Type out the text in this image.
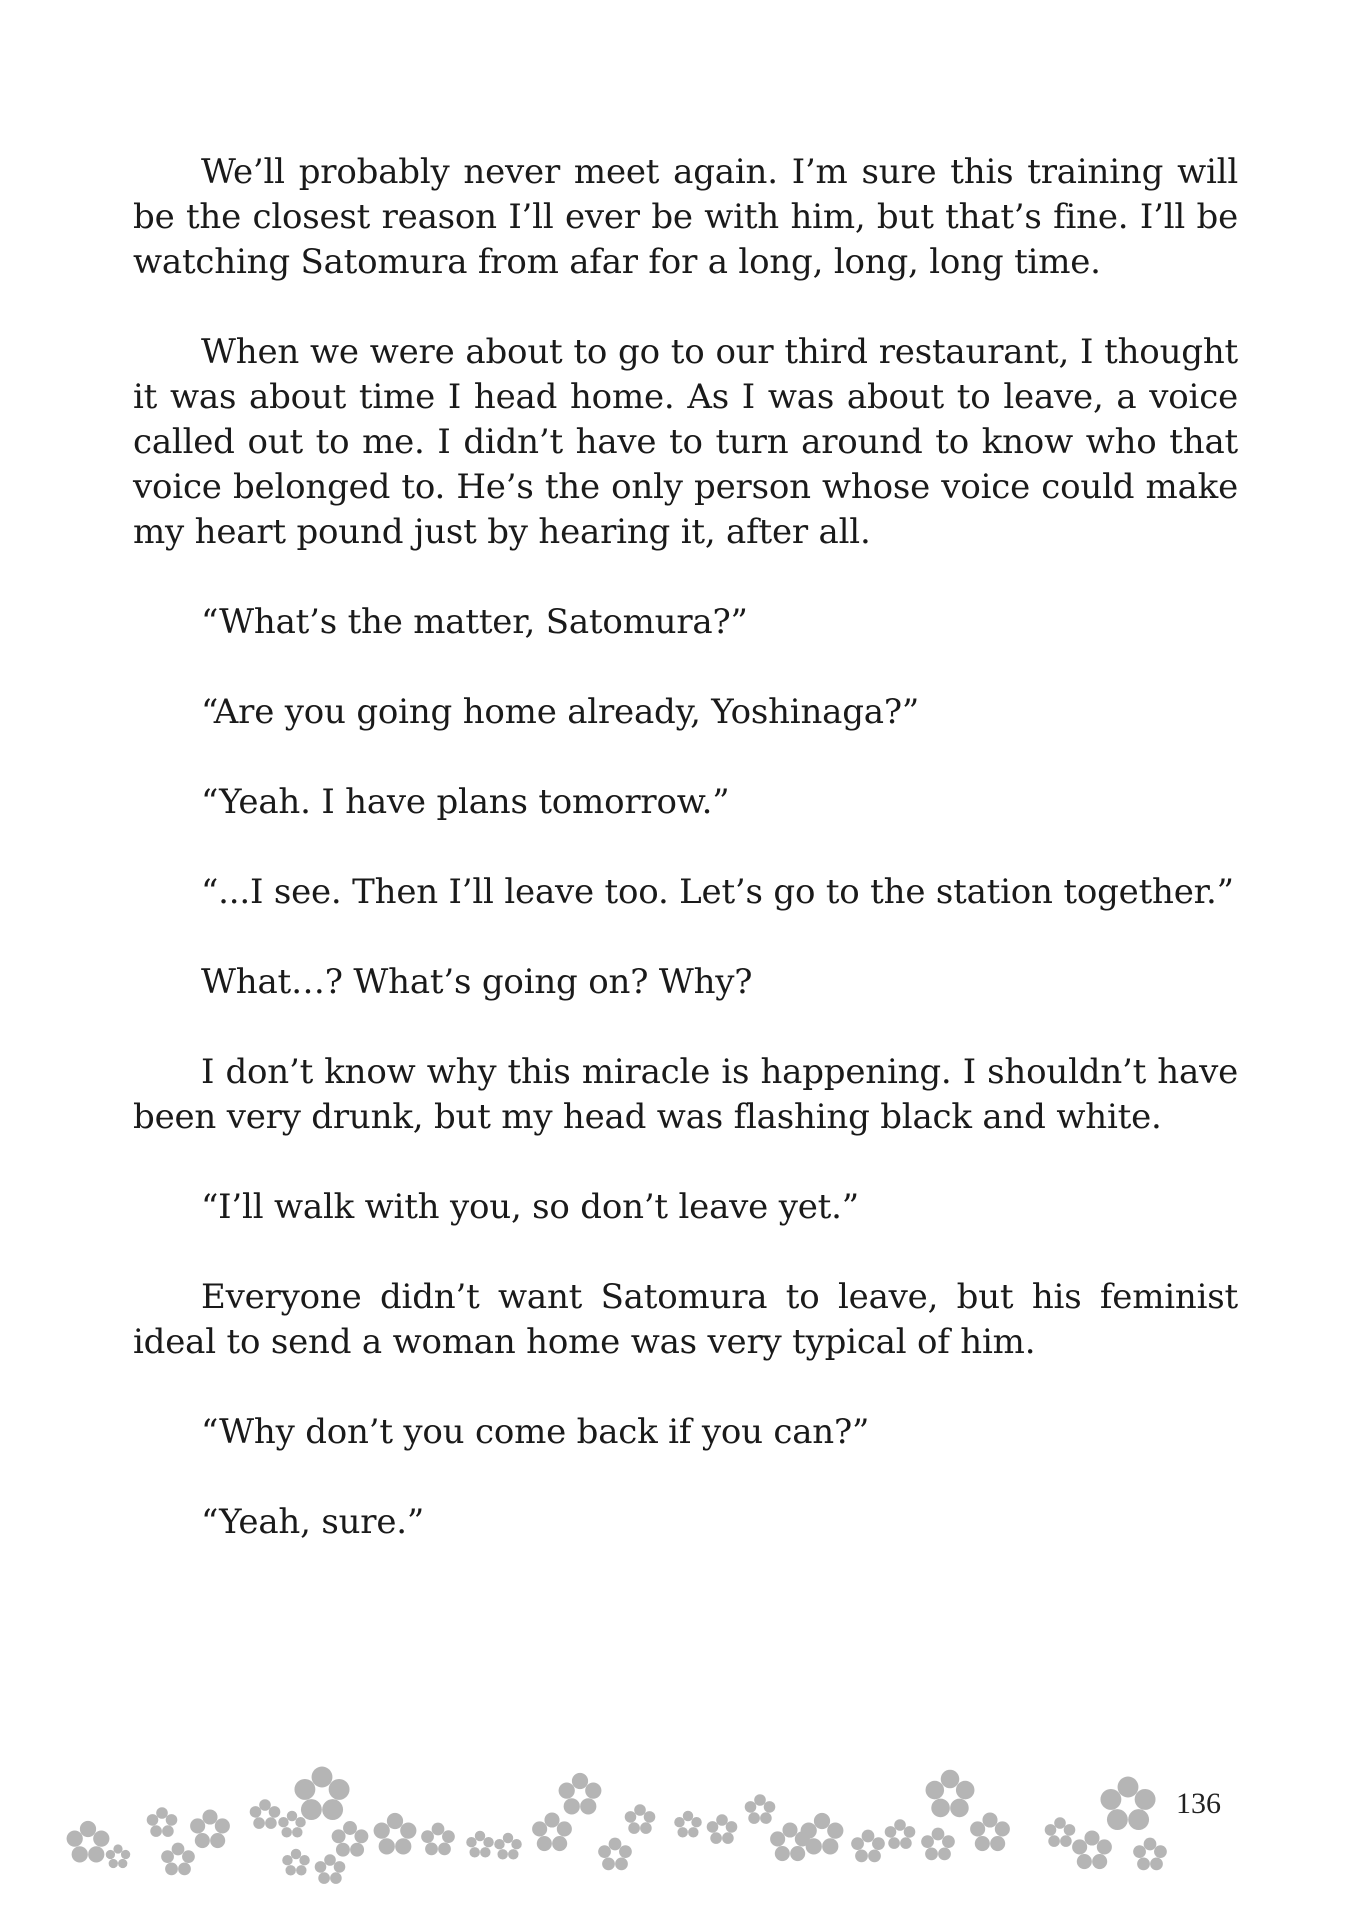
We’ll probably never meet again. I’m sure this training will be the closest reason I’ll ever be with him, but that’s fine. I’ll be watching Satomura from afar for a long, long, long time.

When we were about to go to our third restaurant, I thought it was about time I head home. As I was about to leave, a voice called out to me. I didn’t have to turn around to know who that voice belonged to. He’s the only person whose voice could make my heart pound just by hearing it, after all.

“What’s the matter, Satomura?”

“Are you going home already, Yoshinaga?”

“Yeah. I have plans tomorrow.”

“...I see. Then I’ll leave too. Let’s go to the station together.”

What…? What’s going on? Why?

I don’t know why this miracle is happening. I shouldn’t have been very drunk, but my head was flashing black and white.

“I’ll walk with you, so don’t leave yet.”

Everyone didn’t want Satomura to leave, but his feminist ideal to send a woman home was very typical of him.

“Why don’t you come back if you can?”

“Yeah, sure.”

136
